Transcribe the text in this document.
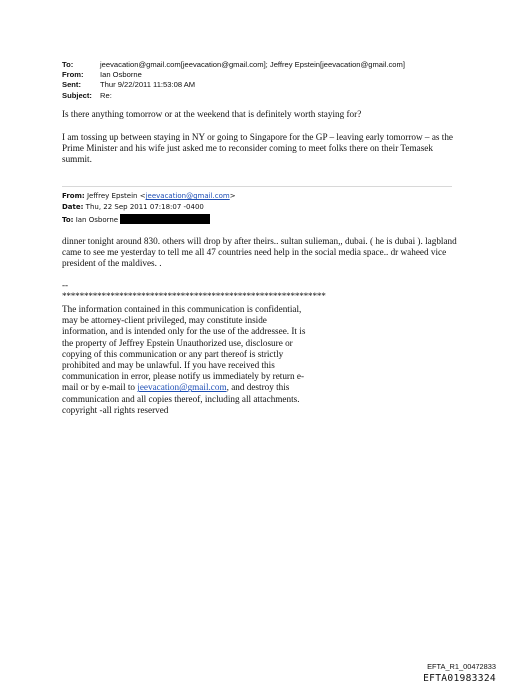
To:	jeevacation@gmail.com[jeevacation@gmail.com]; Jeffrey Epstein[jeevacation@gmail.com]
From:	Ian Osborne
Sent:	Thur 9/22/2011 11:53:08 AM
Subject:	Re:
Is there anything tomorrow or at the weekend that is definitely worth staying for?
I am tossing up between staying in NY or going to Singapore for the GP – leaving early tomorrow – as the Prime Minister and his wife just asked me to reconsider coming to meet folks there on their Temasek summit.
From: Jeffrey Epstein <jeevacation@gmail.com>
Date: Thu, 22 Sep 2011 07:18:07 -0400
To: Ian Osborne
dinner tonight around 830. others will drop by after theirs.. sultan sulieman,, dubai. ( he is dubai ). lagbland came to see me yesterday to tell me all 47 countries need help in the social media space.. dr waheed vice president of the maldives. .
--
************************************************************
The information contained in this communication is confidential, may be attorney-client privileged, may constitute inside information, and is intended only for the use of the addressee. It is the property of Jeffrey Epstein Unauthorized use, disclosure or copying of this communication or any part thereof is strictly prohibited and may be unlawful. If you have received this communication in error, please notify us immediately by return e-mail or by e-mail to jeevacation@gmail.com, and destroy this communication and all copies thereof, including all attachments. copyright -all rights reserved
EFTA_R1_00472833
EFTA01983324
